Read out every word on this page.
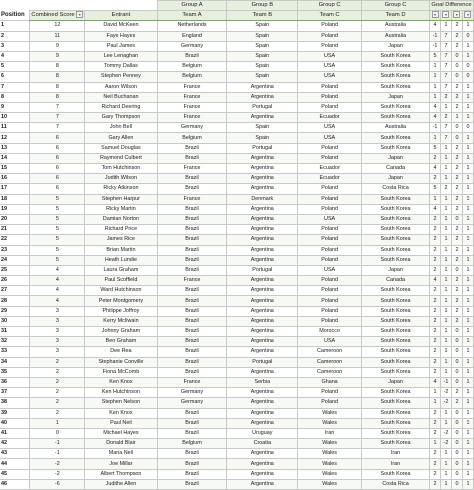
			Group A	Group B	Group C	Group C	Goal Difference			
Position	Combined Score ▾	Entrant	Team A	Team B	Team C	Team D	▾	▾	▾	▾
1	12	David McKeen	Netherlands	Spain	Poland	Australia	4	1	2	1
2	11	Faye Hayes	England	Spain	Poland	Australia	-1	7	2	0
3	9	Paul James	Germany	Spain	Poland	Japan	-1	7	2	1
4	9	Lee Lenaghan	Brazil	Spain	USA	South Korea	5	7	0	1
5	8	Tommy Dallas	Belgium	Spain	USA	South Korea	1	7	0	0
6	8	Stephen Penney	Belgium	Spain	USA	South Korea	1	7	0	0
7	8	Aaron Wilson	France	Argentina	Poland	South Korea	1	7	2	1
8	8	Neil Buchanan	France	Argentina	Poland	Japan	1	2	2	1
9	7	Richard Deering	France	Portugal	Poland	South Korea	4	1	2	1
10	7	Gary Thompson	France	Argentina	Ecuador	South Korea	4	2	1	1
11	7	John Bell	Germany	Spain	USA	Australia	-1	7	0	0
12	6	Gary Allen	Belgium	Spain	USA	South Korea	1	7	0	1
13	6	Samuel Douglas	Brazil	Portugal	Poland	South Korea	5	1	2	1
14	6	Raymond Culbert	Brazil	Argentina	Poland	Japan	2	1	2	1
15	6	Tom Hutchinson	France	Argentina	Ecuador	Canada	4	1	2	1
16	6	Judith Wilson	Brazil	Argentina	Ecuador	Japan	2	1	2	1
17	6	Ricky Atkinson	Brazil	Argentina	Poland	Costa Rica	5	2	2	1
18	5	Stephen Harpur	France	Denmark	Poland	South Korea	1	1	2	1
19	5	Ricky Martin	Brazil	Argentina	Poland	South Korea	4	1	2	1
20	5	Damian Norton	Brazil	Argentina	USA	South Korea	2	1	0	1
21	5	Richard Price	Brazil	Argentina	Poland	South Korea	2	1	2	1
22	5	James Rice	Brazil	Argentina	Poland	South Korea	2	1	2	1
23	5	Brian Martin	Brazil	Argentina	Poland	South Korea	2	1	2	1
24	5	Heath Lundie	Brazil	Argentina	Poland	South Korea	2	1	2	1
25	4	Laura Graham	Brazil	Portugal	USA	Japan	2	1	0	1
26	4	Paul Scoffield	France	Argentina	Poland	Canada	4	1	2	1
27	4	Ward Hutchinson	Brazil	Argentina	Poland	South Korea	2	1	2	1
28	4	Peter Montgomery	Brazil	Argentina	Poland	South Korea	2	1	2	1
29	3	Philippe Joffroy	Brazil	Argentina	Poland	South Korea	2	1	2	1
30	3	Kerry McIlwain	Brazil	Argentina	Poland	South Korea	2	1	2	1
31	3	Johnny Graham	Brazil	Argentina	Morocco	South Korea	2	1	0	1
32	3	Ben Graham	Brazil	Argentina	USA	South Korea	2	1	0	1
33	3	Dee Rea	Brazil	Argentina	Cameroon	South Korea	2	1	0	1
34	2	Stephanie Conville	Brazil	Portugal	Cameroon	South Korea	2	1	0	1
35	2	Fiona McComb	Brazil	Argentina	Cameroon	South Korea	2	1	0	1
36	2	Ken Knox	France	Serbia	Ghana	Japan	4	-1	0	1
37	2	Ken Hutchinson	Germany	Argentina	Poland	South Korea	1	-2	2	1
38	2	Stephen Nelson	Germany	Argentina	Poland	South Korea	1	-2	2	1
39	2	Ken Knox	Brazil	Argentina	Wales	South Korea	2	1	0	1
40	1	Paul Neil	Brazil	Argentina	Wales	South Korea	2	1	0	1
41	0	Michael Hayes	Brazil	Uruguay	Iran	South Korea	2	-2	0	1
42	-1	Donald Blair	Belgium	Croatia	Wales	South Korea	1	-2	0	1
43	-1	Maria Neil	Brazil	Argentina	Wales	Iran	2	1	0	1
44	-2	Joe Millar	Brazil	Argentina	Wales	Iran	2	1	0	1
45	-2	Albert Thompson	Brazil	Argentina	Wales	South Korea	2	1	0	1
46	-6	Judithe Allen	Brazil	Argentina	Wales	Costa Rica	2	1	0	1
